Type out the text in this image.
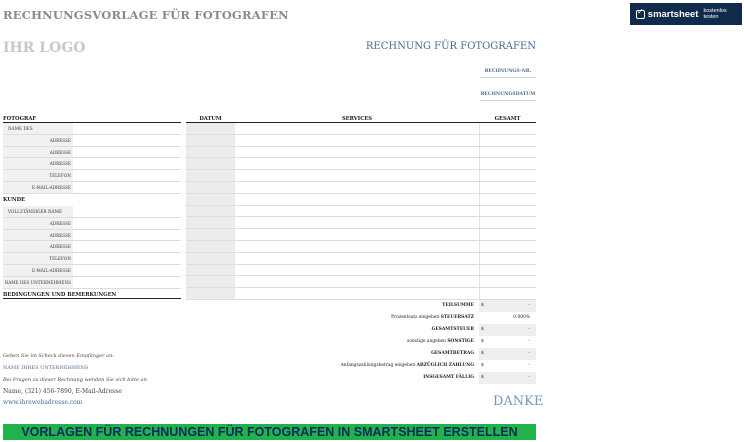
RECHNUNGSVORLAGE FÜR FOTOGRAFEN
✓	smartsheet kostenlos testen
IHR LOGO	RECHNUNG FÜR FOTOGRAFEN
RECHNUNGS-NR.
RECHNUNGSDATUM
FOTOGRAF	DATUM	SERVICES	GESAMT
NAME DES
ADRESSE
ADRESSE
ADRESSE
TELEFON
E-MAIL-ADRESSE
VOLLSTÄNDIGER NAME
ADRESSE
ADRESSE
ADRESSE
TELEFON
E-MAIL-ADRESSE
NAME DES UNTERNEHMENS
KUNDE
BEDINGUNGEN UND BEMERKUNGEN
TEILSUMME $	-
Prozentsatz eingeben STEUERSATZ	0.000%
GESAMTSTEUER $	-
sonstige angeben SONSTIGE $	-
GESAMTBETRAG $	-
Anfangszahlungsbetrag eingeben ABZÜGLICH ZAHLUNG $	-
INSGESAMT FÄLLIG $	-
Geben Sie im Scheck diesen Empfänger an:
NAME IHRES UNTERNEHMENS
Bei Fragen zu dieser Rechnung wenden Sie sich bitte an
Name, (321) 456-7890, E-Mail-Adresse
www.ihrewebadresse.com	DANKE
VORLAGEN FÜR RECHNUNGEN FÜR FOTOGRAFEN IN SMARTSHEET ERSTELLEN
